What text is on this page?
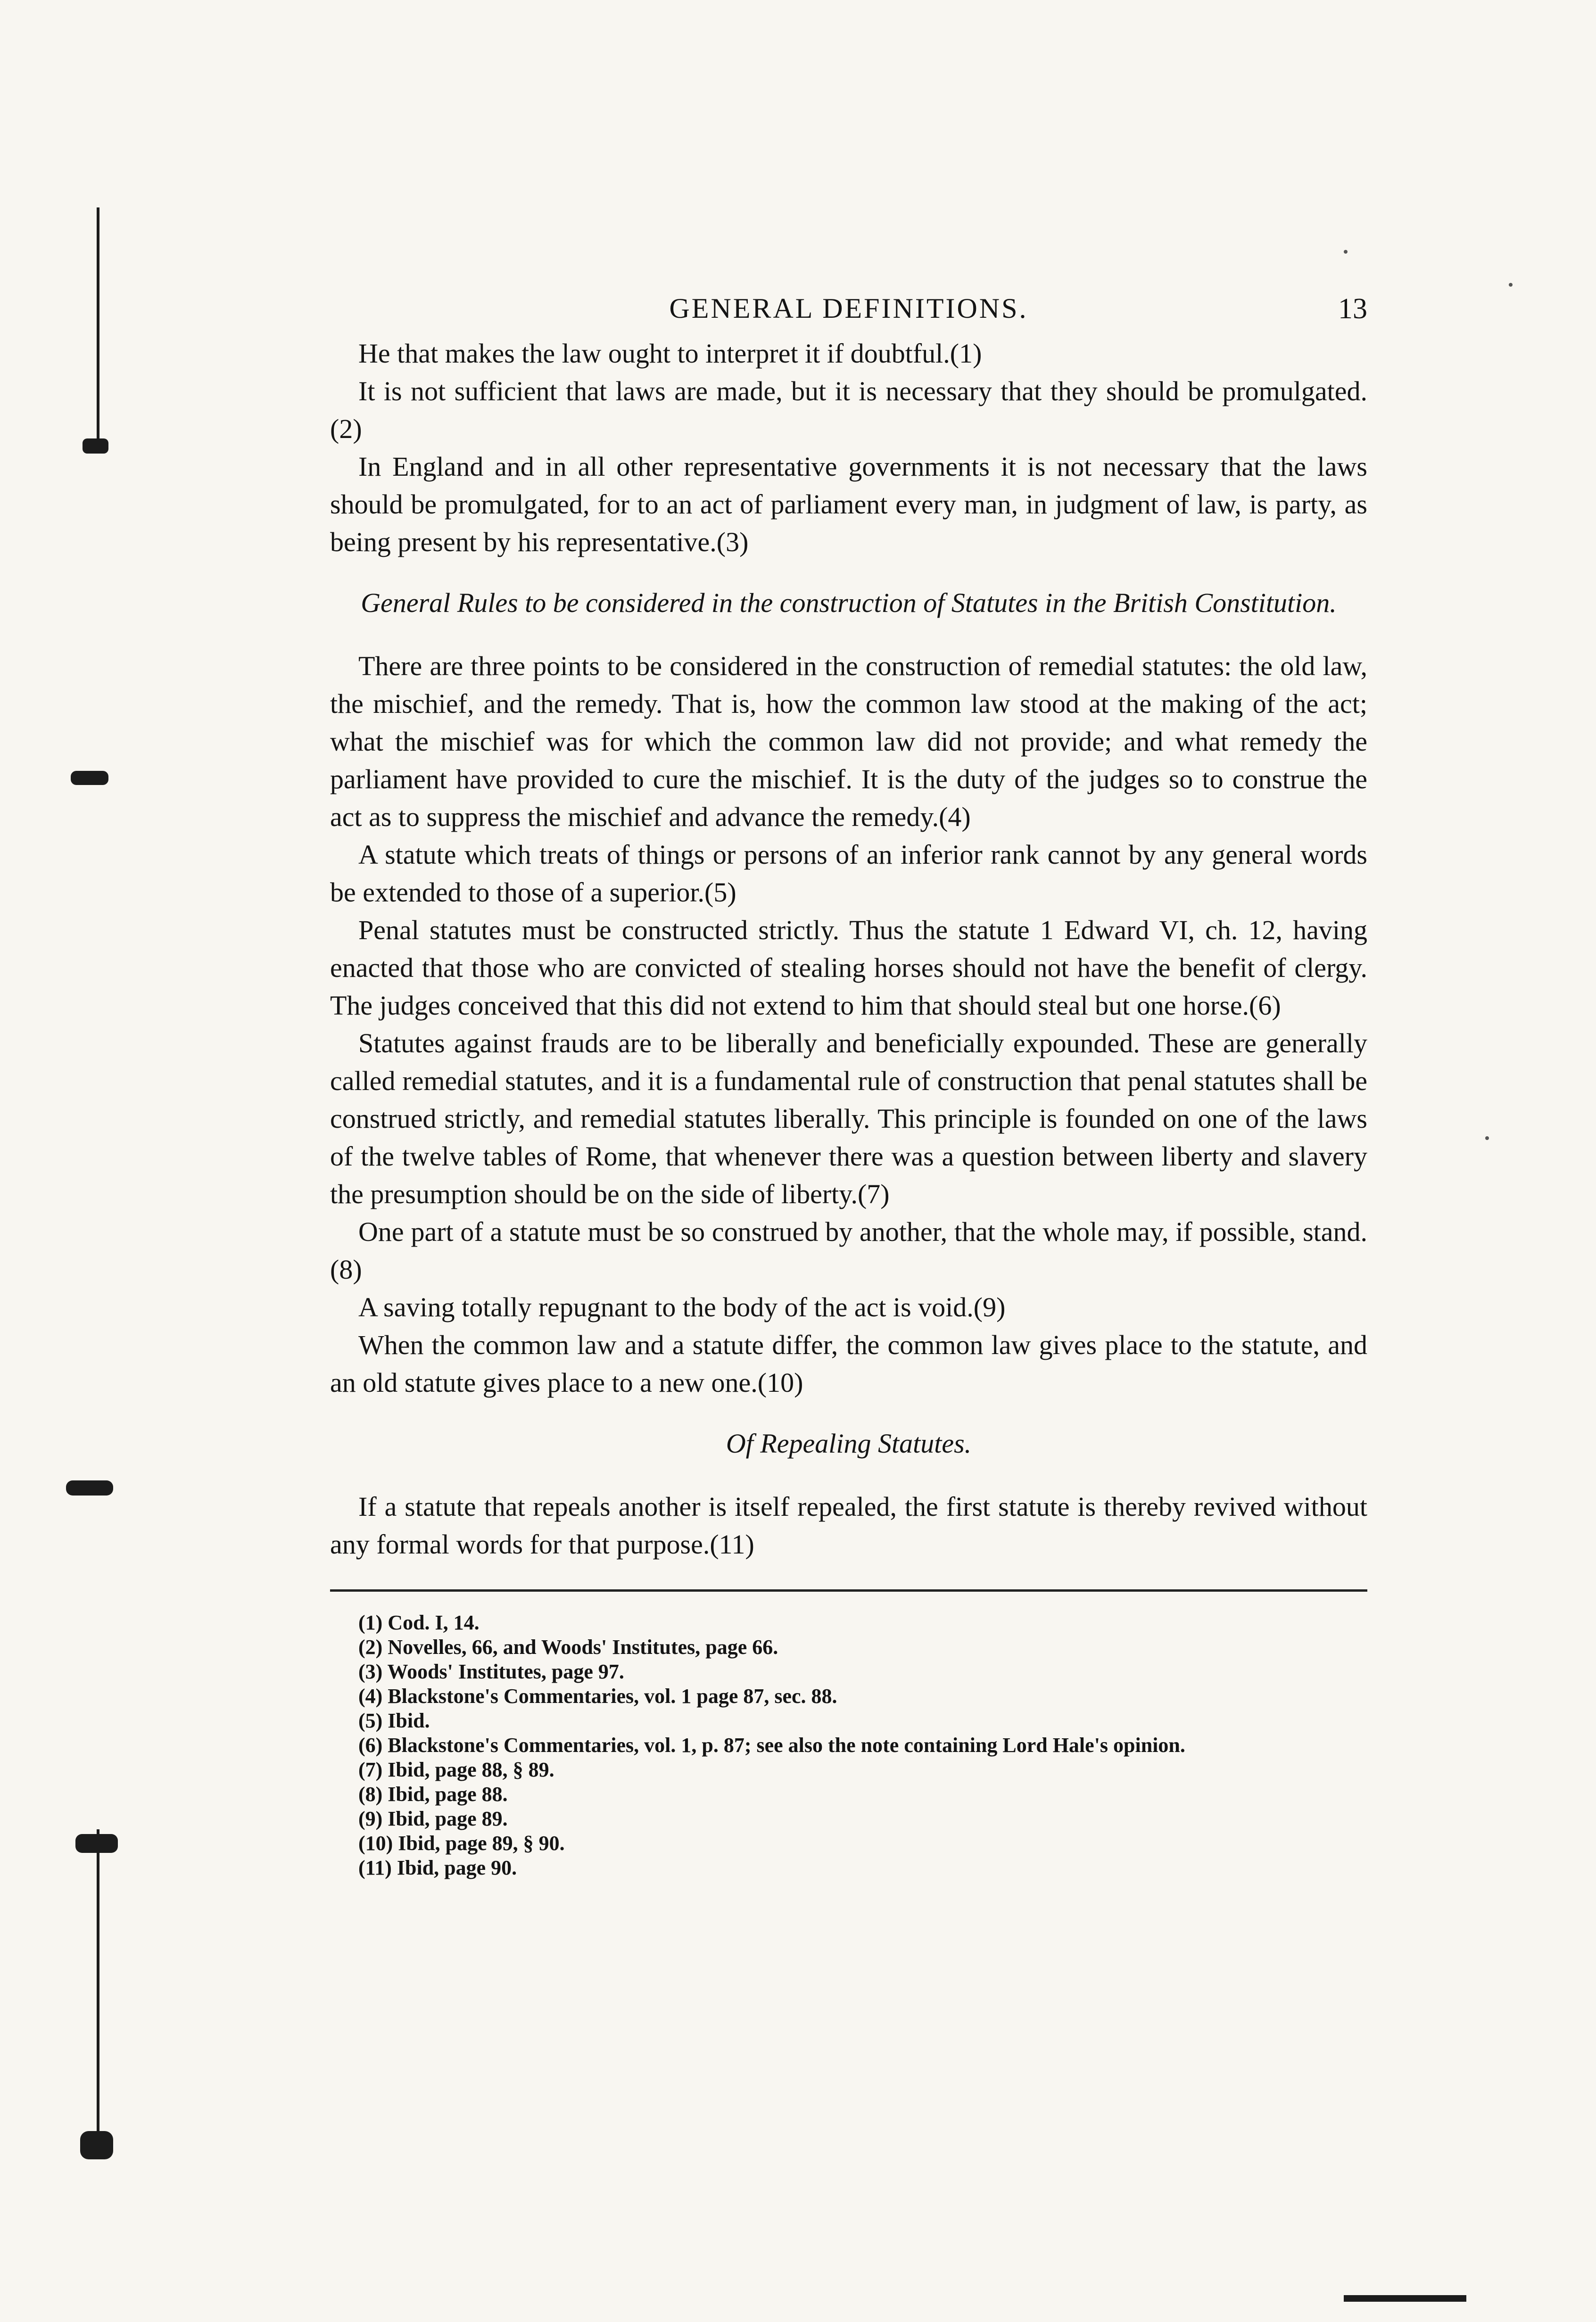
GENERAL DEFINITIONS.	13

He that makes the law ought to interpret it if doubtful.(1)

It is not sufficient that laws are made, but it is necessary that they should be promulgated.(2)

In England and in all other representative governments it is not necessary that the laws should be promulgated, for to an act of parliament every man, in judgment of law, is party, as being present by his representative.(3)

General Rules to be considered in the construction of Statutes in the British Constitution.

There are three points to be considered in the construction of remedial statutes: the old law, the mischief, and the remedy. That is, how the common law stood at the making of the act; what the mischief was for which the common law did not provide; and what remedy the parliament have provided to cure the mischief. It is the duty of the judges so to construe the act as to suppress the mischief and advance the remedy.(4)

A statute which treats of things or persons of an inferior rank cannot by any general words be extended to those of a superior.(5)

Penal statutes must be constructed strictly. Thus the statute 1 Edward VI, ch. 12, having enacted that those who are convicted of stealing horses should not have the benefit of clergy. The judges conceived that this did not extend to him that should steal but one horse.(6)

Statutes against frauds are to be liberally and beneficially expounded. These are generally called remedial statutes, and it is a fundamental rule of construction that penal statutes shall be construed strictly, and remedial statutes liberally. This principle is founded on one of the laws of the twelve tables of Rome, that whenever there was a question between liberty and slavery the presumption should be on the side of liberty.(7)

One part of a statute must be so construed by another, that the whole may, if possible, stand.(8)

A saving totally repugnant to the body of the act is void.(9)

When the common law and a statute differ, the common law gives place to the statute, and an old statute gives place to a new one.(10)

Of Repealing Statutes.

If a statute that repeals another is itself repealed, the first statute is thereby revived without any formal words for that purpose.(11)

(1) Cod. I, 14.
(2) Novelles, 66, and Woods' Institutes, page 66.
(3) Woods' Institutes, page 97.
(4) Blackstone's Commentaries, vol. 1 page 87, sec. 88.
(5) Ibid.
(6) Blackstone's Commentaries, vol. 1, p. 87; see also the note containing Lord Hale's opinion.
(7) Ibid, page 88, § 89.
(8) Ibid, page 88.
(9) Ibid, page 89.
(10) Ibid, page 89, § 90.
(11) Ibid, page 90.
